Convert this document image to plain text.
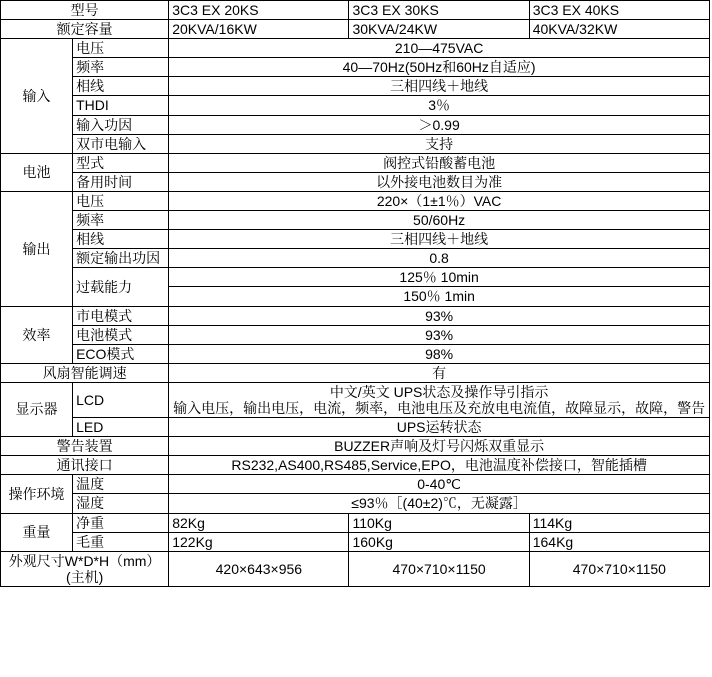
型号		3C3 EX 20KS	3C3 EX 30KS	3C3 EX 40KS
额定容量		20KVA/16KW	30KVA/24KW	40KVA/32KW
输入	电压	210—475VAC		
	频率	40—70Hz(50Hz和60Hz自适应)		
	相线	三相四线＋地线		
	THDI	3％		
	输入功因	＞0.99		
	双市电输入	支持		
电池	型式	阀控式铅酸蓄电池		
	备用时间	以外接电池数目为准		
输出	电压	220×（1±1％）VAC		
	频率	50/60Hz		
	相线	三相四线＋地线		
	额定输出功因	0.8		
	过载能力	125％ 10min		
		150％ 1min		
效率	市电模式	93%		
	电池模式	93%		
	ECO模式	98%		
风扇智能调速		有		
显示器	LCD	中文/英文 UPS状态及操作导引指示
输入电压，输出电压，电流，频率，电池电压及充放电电流值，故障显示，故障，警告		

	LED	UPS运转状态		
警告装置		BUZZER声响及灯号闪烁双重显示		
通讯接口		RS232,AS400,RS485,Service,EPO，电池温度补偿接口，智能插槽		
操作环境	温度	0-40℃		
	湿度	≤93％［(40±2)℃，无凝露］		
重量	净重	82Kg	110Kg	114Kg
	毛重	122Kg	160Kg	164Kg
外观尺寸W*D*H（mm）(主机)		420×643×956	470×710×1150	470×710×1150
